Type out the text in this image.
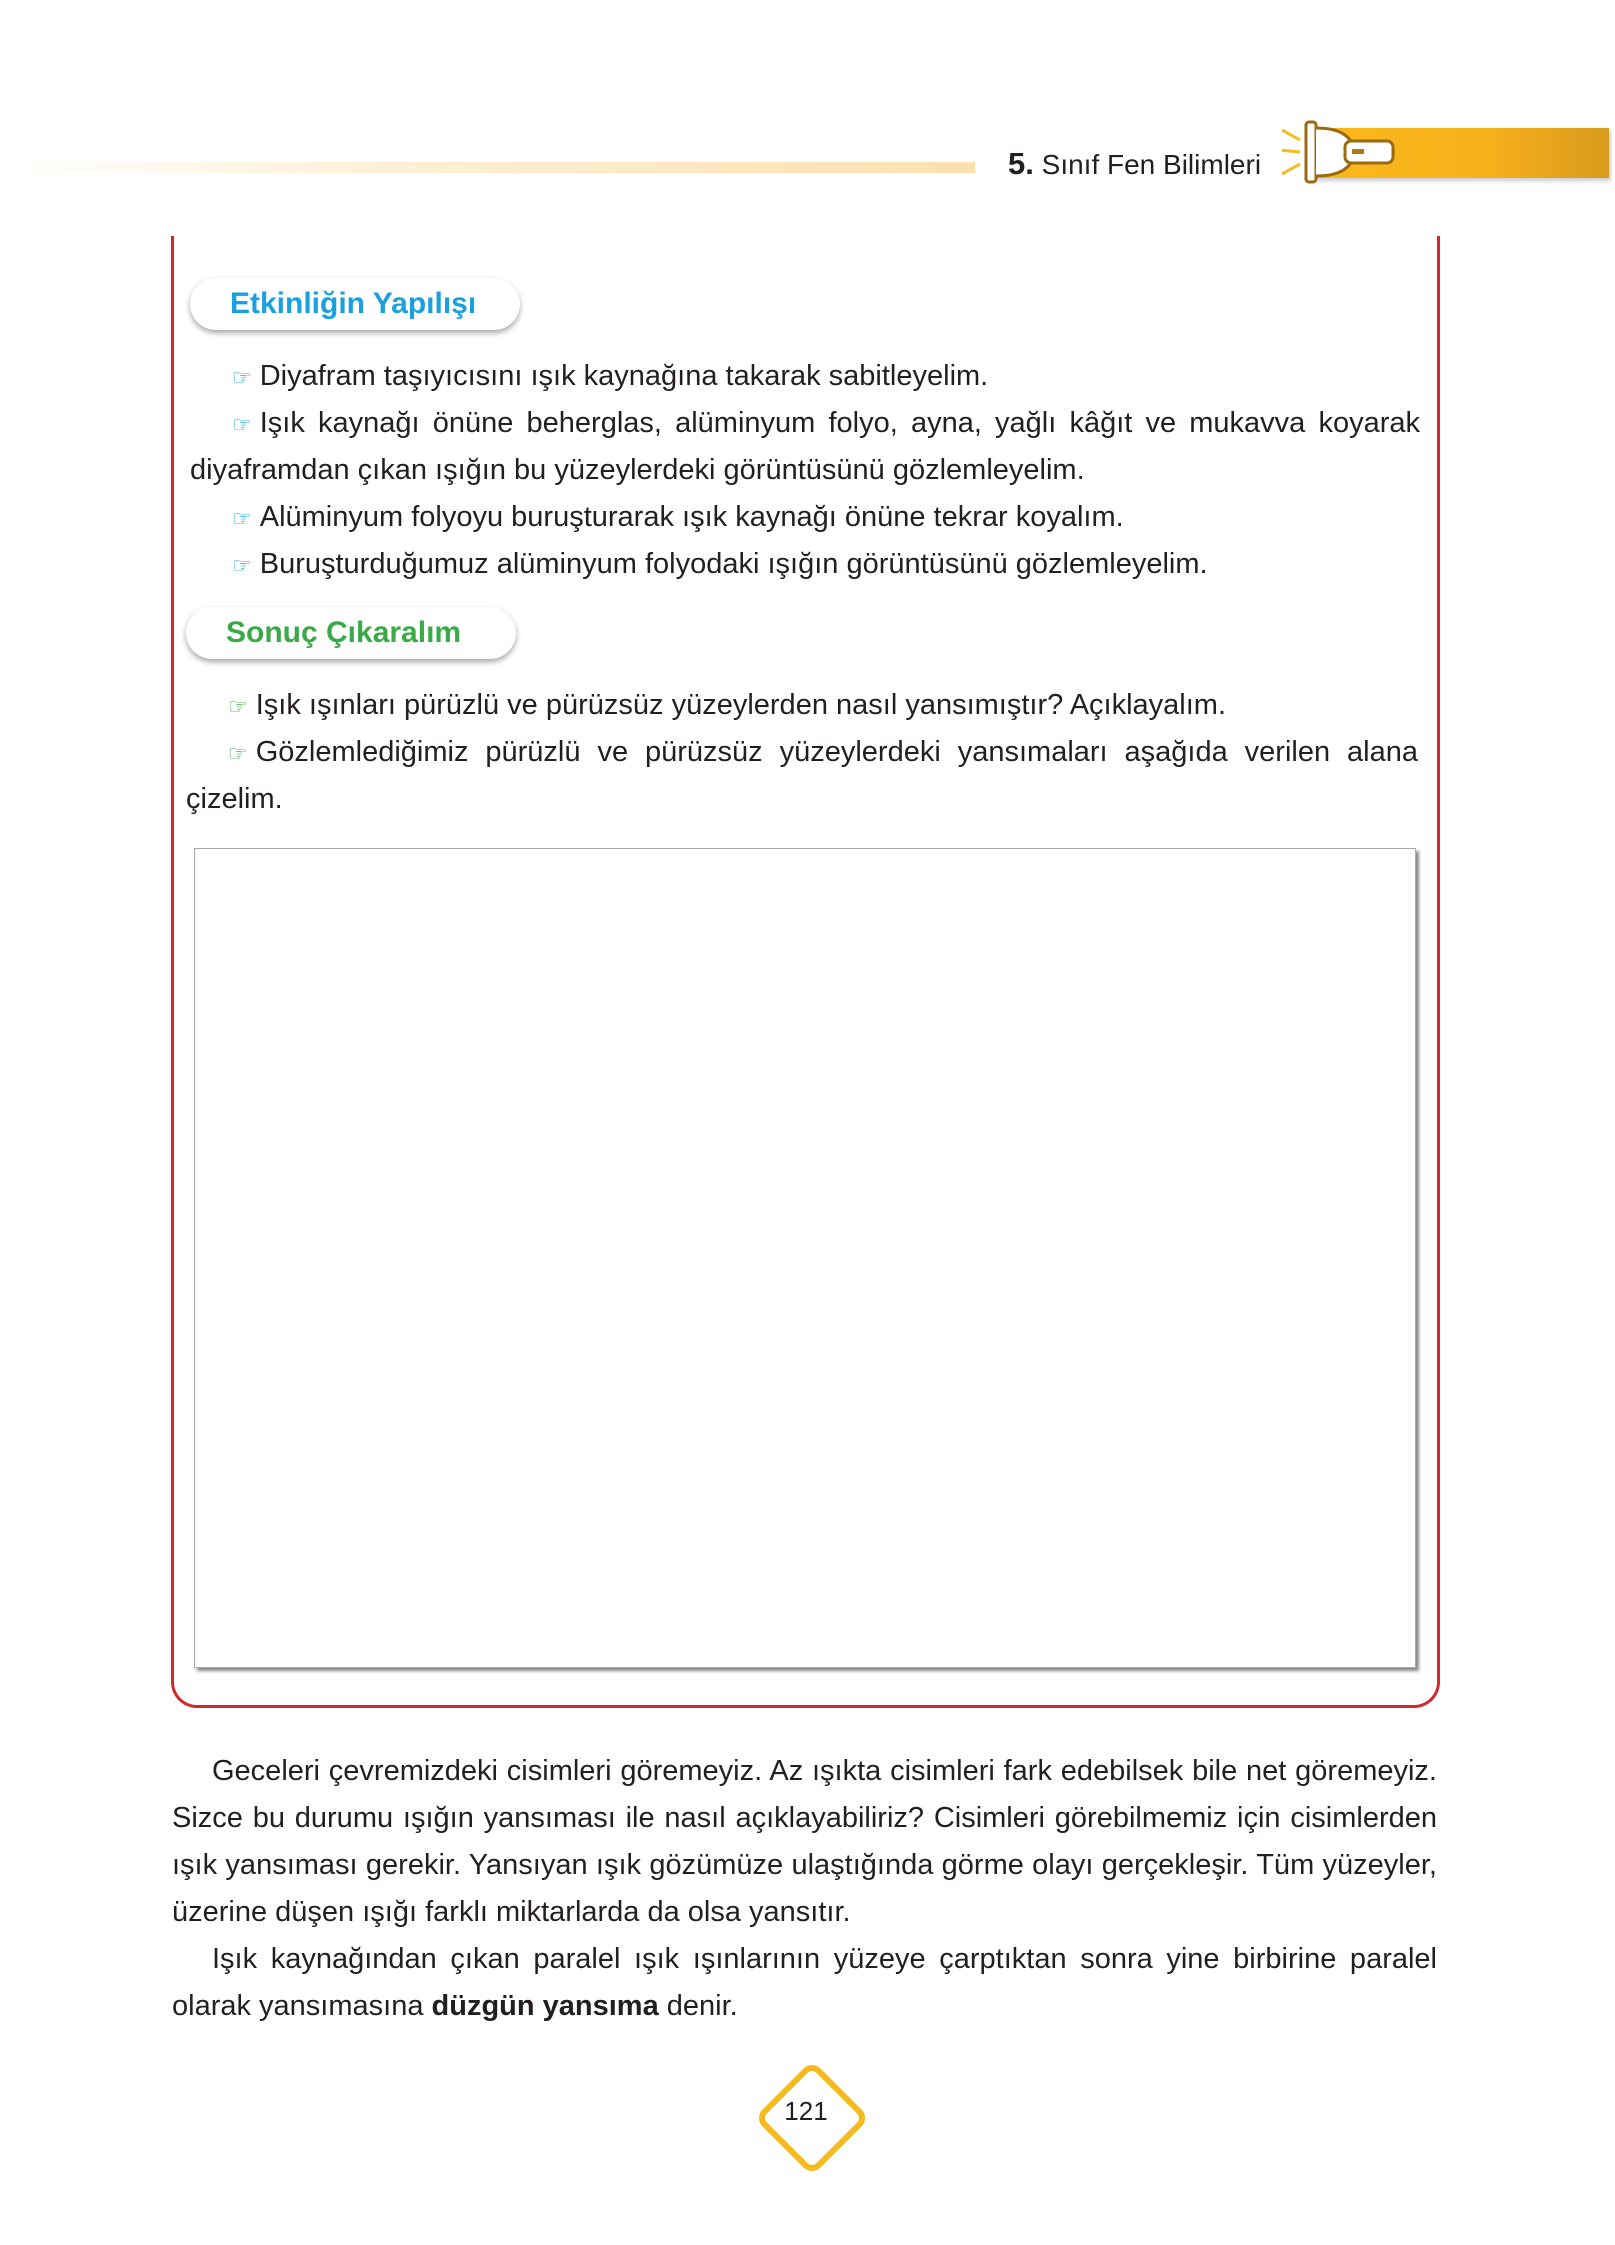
5. Sınıf Fen Bilimleri
Etkinliğin Yapılışı
☞ Diyafram taşıyıcısını ışık kaynağına takarak sabitleyelim.
☞ Işık kaynağı önüne beherglas, alüminyum folyo, ayna, yağlı kâğıt ve mukavva koyarak
diyaframdan çıkan ışığın bu yüzeylerdeki görüntüsünü gözlemleyelim.
☞ Alüminyum folyoyu buruşturarak ışık kaynağı önüne tekrar koyalım.
☞ Buruşturduğumuz alüminyum folyodaki ışığın görüntüsünü gözlemleyelim.
Sonuç Çıkaralım
☞ Işık ışınları pürüzlü ve pürüzsüz yüzeylerden nasıl yansımıştır? Açıklayalım.
☞ Gözlemlediğimiz pürüzlü ve pürüzsüz yüzeylerdeki yansımaları aşağıda verilen alana
çizelim.
Geceleri çevremizdeki cisimleri göremeyiz. Az ışıkta cisimleri fark edebilsek bile net göremeyiz. Sizce bu durumu ışığın yansıması ile nasıl açıklayabiliriz? Cisimleri görebilmemiz için cisimlerden ışık yansıması gerekir. Yansıyan ışık gözümüze ulaştığında görme olayı gerçekleşir. Tüm yüzeyler, üzerine düşen ışığı farklı miktarlarda da olsa yansıtır.
Işık kaynağından çıkan paralel ışık ışınlarının yüzeye çarptıktan sonra yine birbirine paralel olarak yansımasına düzgün yansıma denir.
121
